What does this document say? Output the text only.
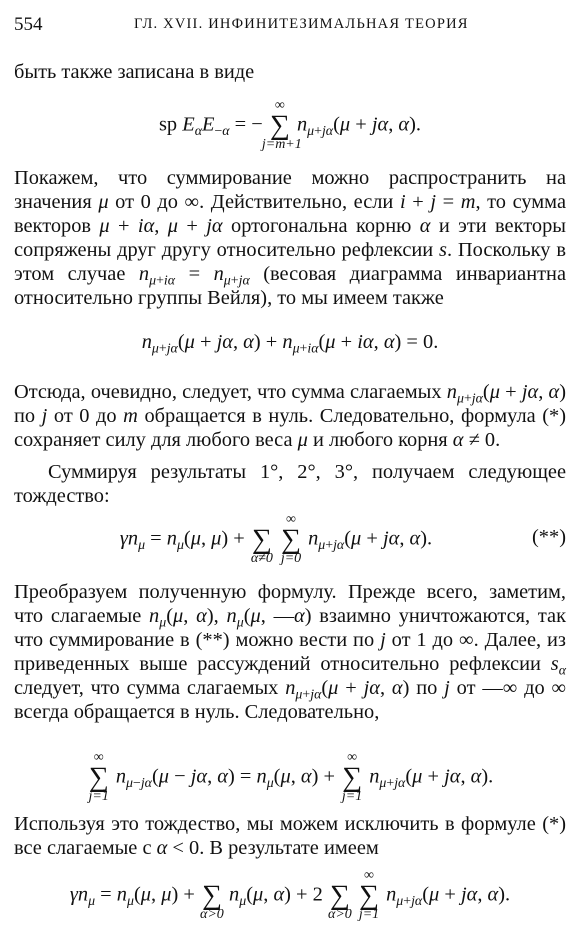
554	ГЛ. XVII. ИНФИНИТЕЗИМАЛЬНАЯ ТЕОРИЯ

быть также записана в виде

sp $E_\alpha E_{-\alpha}$ = −
∞
∑
j=m+1
$n_{\mu+j\alpha}(\mu + j\alpha$, α).

Покажем, что суммирование можно распространить на значения μ от 0 до ∞. Действительно, если i + j = m, то сумма векторов μ + iα, μ + jα ортогональна корню α и эти векторы сопряжены друг другу относительно рефлексии s. Поскольку в этом случае $n_{\mu+i\alpha} = n_{\mu+j\alpha}$ (весовая диаграмма инвариантна относительно группы Вейля), то мы имеем также

$n_{\mu+j\alpha}(\mu + j\alpha$, $\alpha) + n_{\mu+i\alpha}(\mu + i\alpha$, α) = 0.

Отсюда, очевидно, следует, что сумма слагаемых $n_{\mu+j\alpha}(\mu + j\alpha$, α) по j от 0 до m обращается в нуль. Следовательно, формула (*) сохраняет силу для любого веса μ и любого корня α ≠ 0.

Суммируя результаты 1°, 2°, 3°, получаем следующее тождество:

$\gamma n_\mu = n_\mu(\mu$, μ) + ∑
α≠0

∞
∑
j=0
$n_{\mu+j\alpha}(\mu + j\alpha$, α).	(**)

Преобразуем полученную формулу. Прежде всего, заметим, что слагаемые $n_\mu(\mu$, α), $n_\mu(\mu$, —α) взаимно уничтожаются, так что суммирование в (**) можно вести по j от 1 до ∞. Далее, из приведенных выше рассуждений относительно рефлексии $s_\alpha$ следует, что сумма слагаемых $n_{\mu+j\alpha}(\mu + j\alpha$, α) по j от —∞ до ∞ всегда обращается в нуль. Следовательно,

∞
∑
j=1
$n_{\mu-j\alpha}(\mu - j\alpha$, $\alpha) = n_\mu(\mu$, α) +
∞
∑
j=1
$n_{\mu+j\alpha}(\mu + j\alpha$, α).

Используя это тождество, мы можем исключить в формуле (*) все слагаемые с α < 0. В результате имеем

$\gamma n_\mu = n_\mu(\mu$, μ) + ∑
α>0
$n_\mu(\mu$, α) + 2 ∑
α>0

∞
∑
j=1
$n_{\mu+j\alpha}(\mu + j\alpha$, α).
